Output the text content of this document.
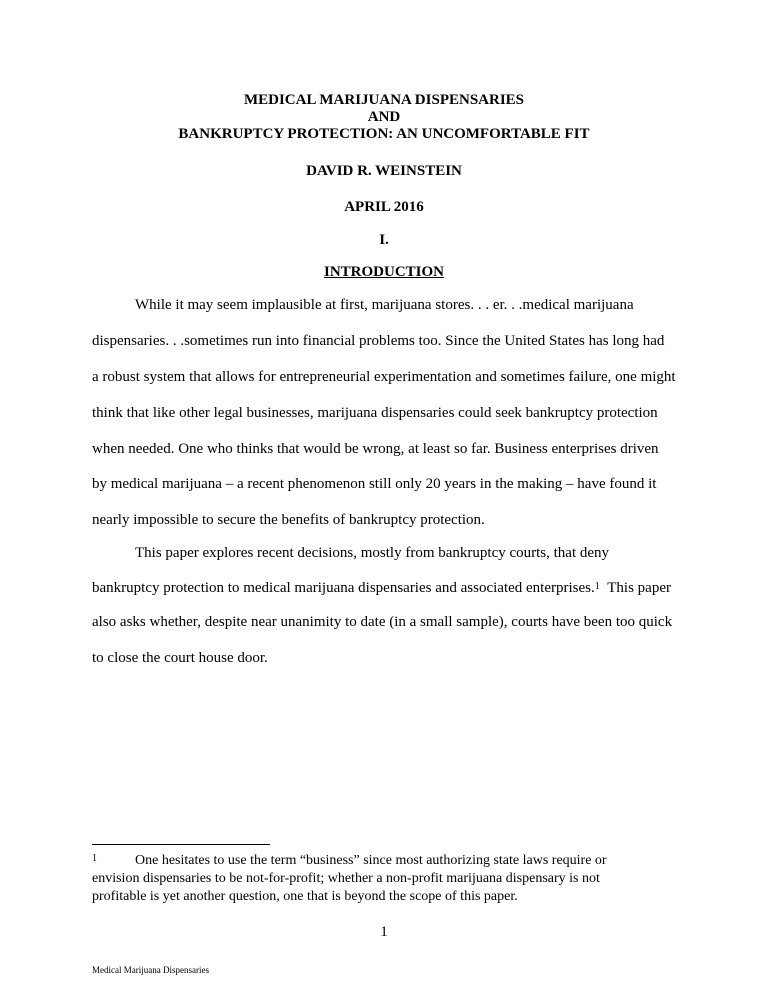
MEDICAL MARIJUANA DISPENSARIES
AND
BANKRUPTCY PROTECTION: AN UNCOMFORTABLE FIT
DAVID R. WEINSTEIN
APRIL 2016
I.
INTRODUCTION
While it may seem implausible at first, marijuana stores. . . er. . .medical marijuana
dispensaries. . .sometimes run into financial problems too. Since the United States has long had
a robust system that allows for entrepreneurial experimentation and sometimes failure, one might
think that like other legal businesses, marijuana dispensaries could seek bankruptcy protection
when needed. One who thinks that would be wrong, at least so far. Business enterprises driven
by medical marijuana – a recent phenomenon still only 20 years in the making – have found it
nearly impossible to secure the benefits of bankruptcy protection.
This paper explores recent decisions, mostly from bankruptcy courts, that deny
bankruptcy protection to medical marijuana dispensaries and associated enterprises.$^1$ This paper
also asks whether, despite near unanimity to date (in a small sample), courts have been too quick
to close the court house door.
1	One hesitates to use the term “business” since most authorizing state laws require or
envision dispensaries to be not-for-profit; whether a non-profit marijuana dispensary is not
profitable is yet another question, one that is beyond the scope of this paper.
1
Medical Marijuana Dispensaries
